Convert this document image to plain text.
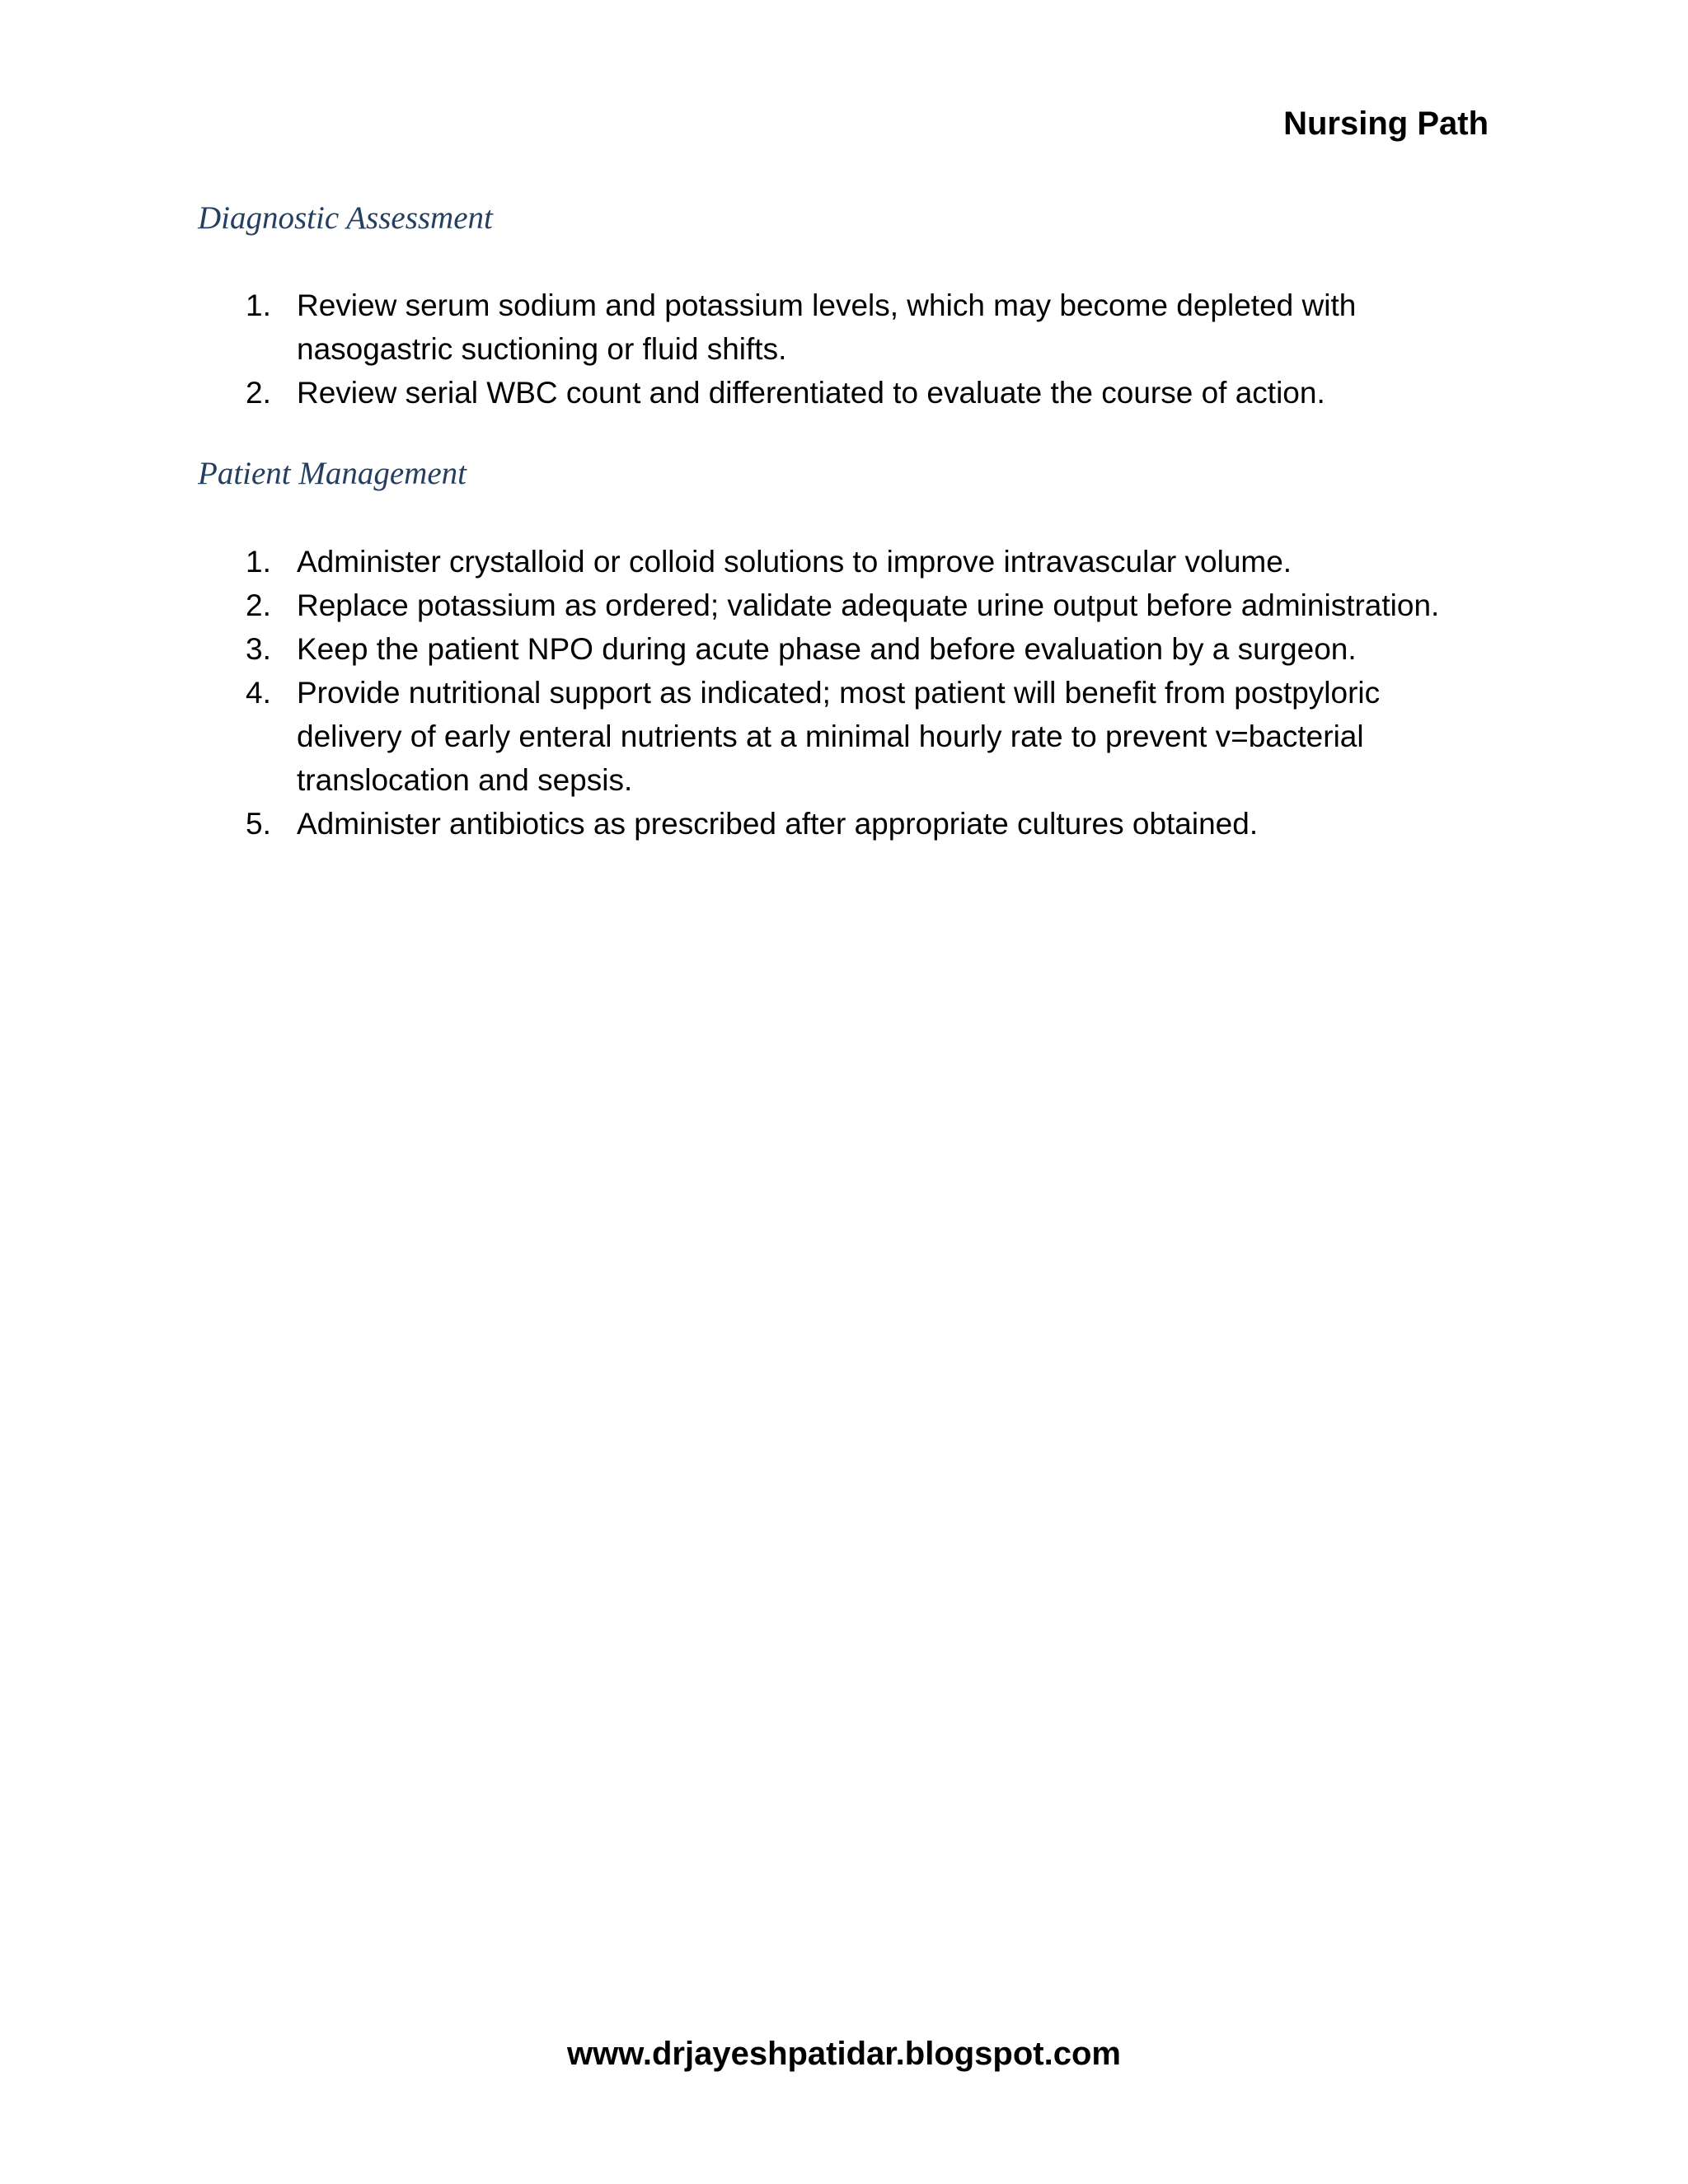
Nursing Path
Diagnostic Assessment
1. Review serum sodium and potassium levels, which may become depleted with nasogastric suctioning or fluid shifts.
2. Review serial WBC count and differentiated to evaluate the course of action.
Patient Management
1. Administer crystalloid or colloid solutions to improve intravascular volume.
2. Replace potassium as ordered; validate adequate urine output before administration.
3. Keep the patient NPO during acute phase and before evaluation by a surgeon.
4. Provide nutritional support as indicated; most patient will benefit from postpyloric delivery of early enteral nutrients at a minimal hourly rate to prevent v=bacterial translocation and sepsis.
5. Administer antibiotics as prescribed after appropriate cultures obtained.
www.drjayeshpatidar.blogspot.com
